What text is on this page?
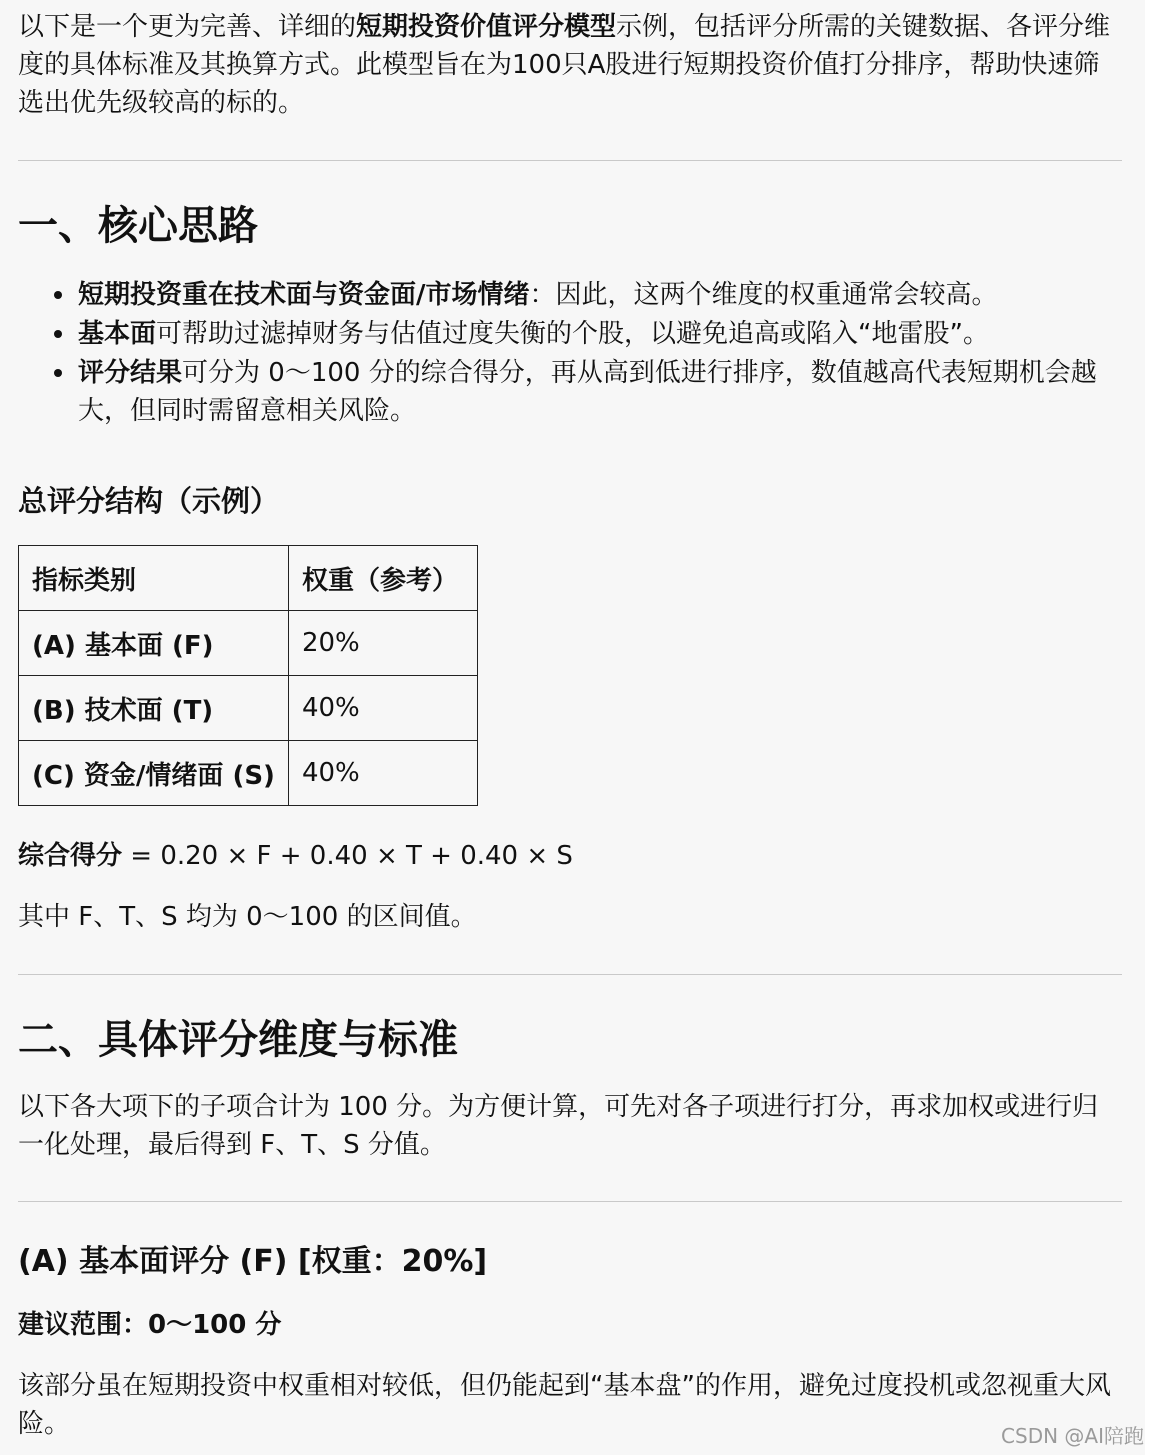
以下是一个更为完善、详细的短期投资价值评分模型示例，包括评分所需的关键数据、各评分维度的具体标准及其换算方式。此模型旨在为100只A股进行短期投资价值打分排序，帮助快速筛选出优先级较高的标的。
一、核心思路
短期投资重在技术面与资金面/市场情绪：因此，这两个维度的权重通常会较高。
基本面可帮助过滤掉财务与估值过度失衡的个股，以避免追高或陷入“地雷股”。
评分结果可分为 0～100 分的综合得分，再从高到低进行排序，数值越高代表短期机会越大，但同时需留意相关风险。
总评分结构（示例）
指标类别	权重（参考）
(A) 基本面 (F)	20%
(B) 技术面 (T)	40%
(C) 资金/情绪面 (S)	40%
综合得分 = 0.20 × F + 0.40 × T + 0.40 × S
其中 F、T、S 均为 0～100 的区间值。
二、具体评分维度与标准
以下各大项下的子项合计为 100 分。为方便计算，可先对各子项进行打分，再求加权或进行归一化处理，最后得到 F、T、S 分值。
(A) 基本面评分 (F) [权重：20%]
建议范围：0～100 分
该部分虽在短期投资中权重相对较低，但仍能起到“基本盘”的作用，避免过度投机或忽视重大风险。	CSDN @AI陪跑
